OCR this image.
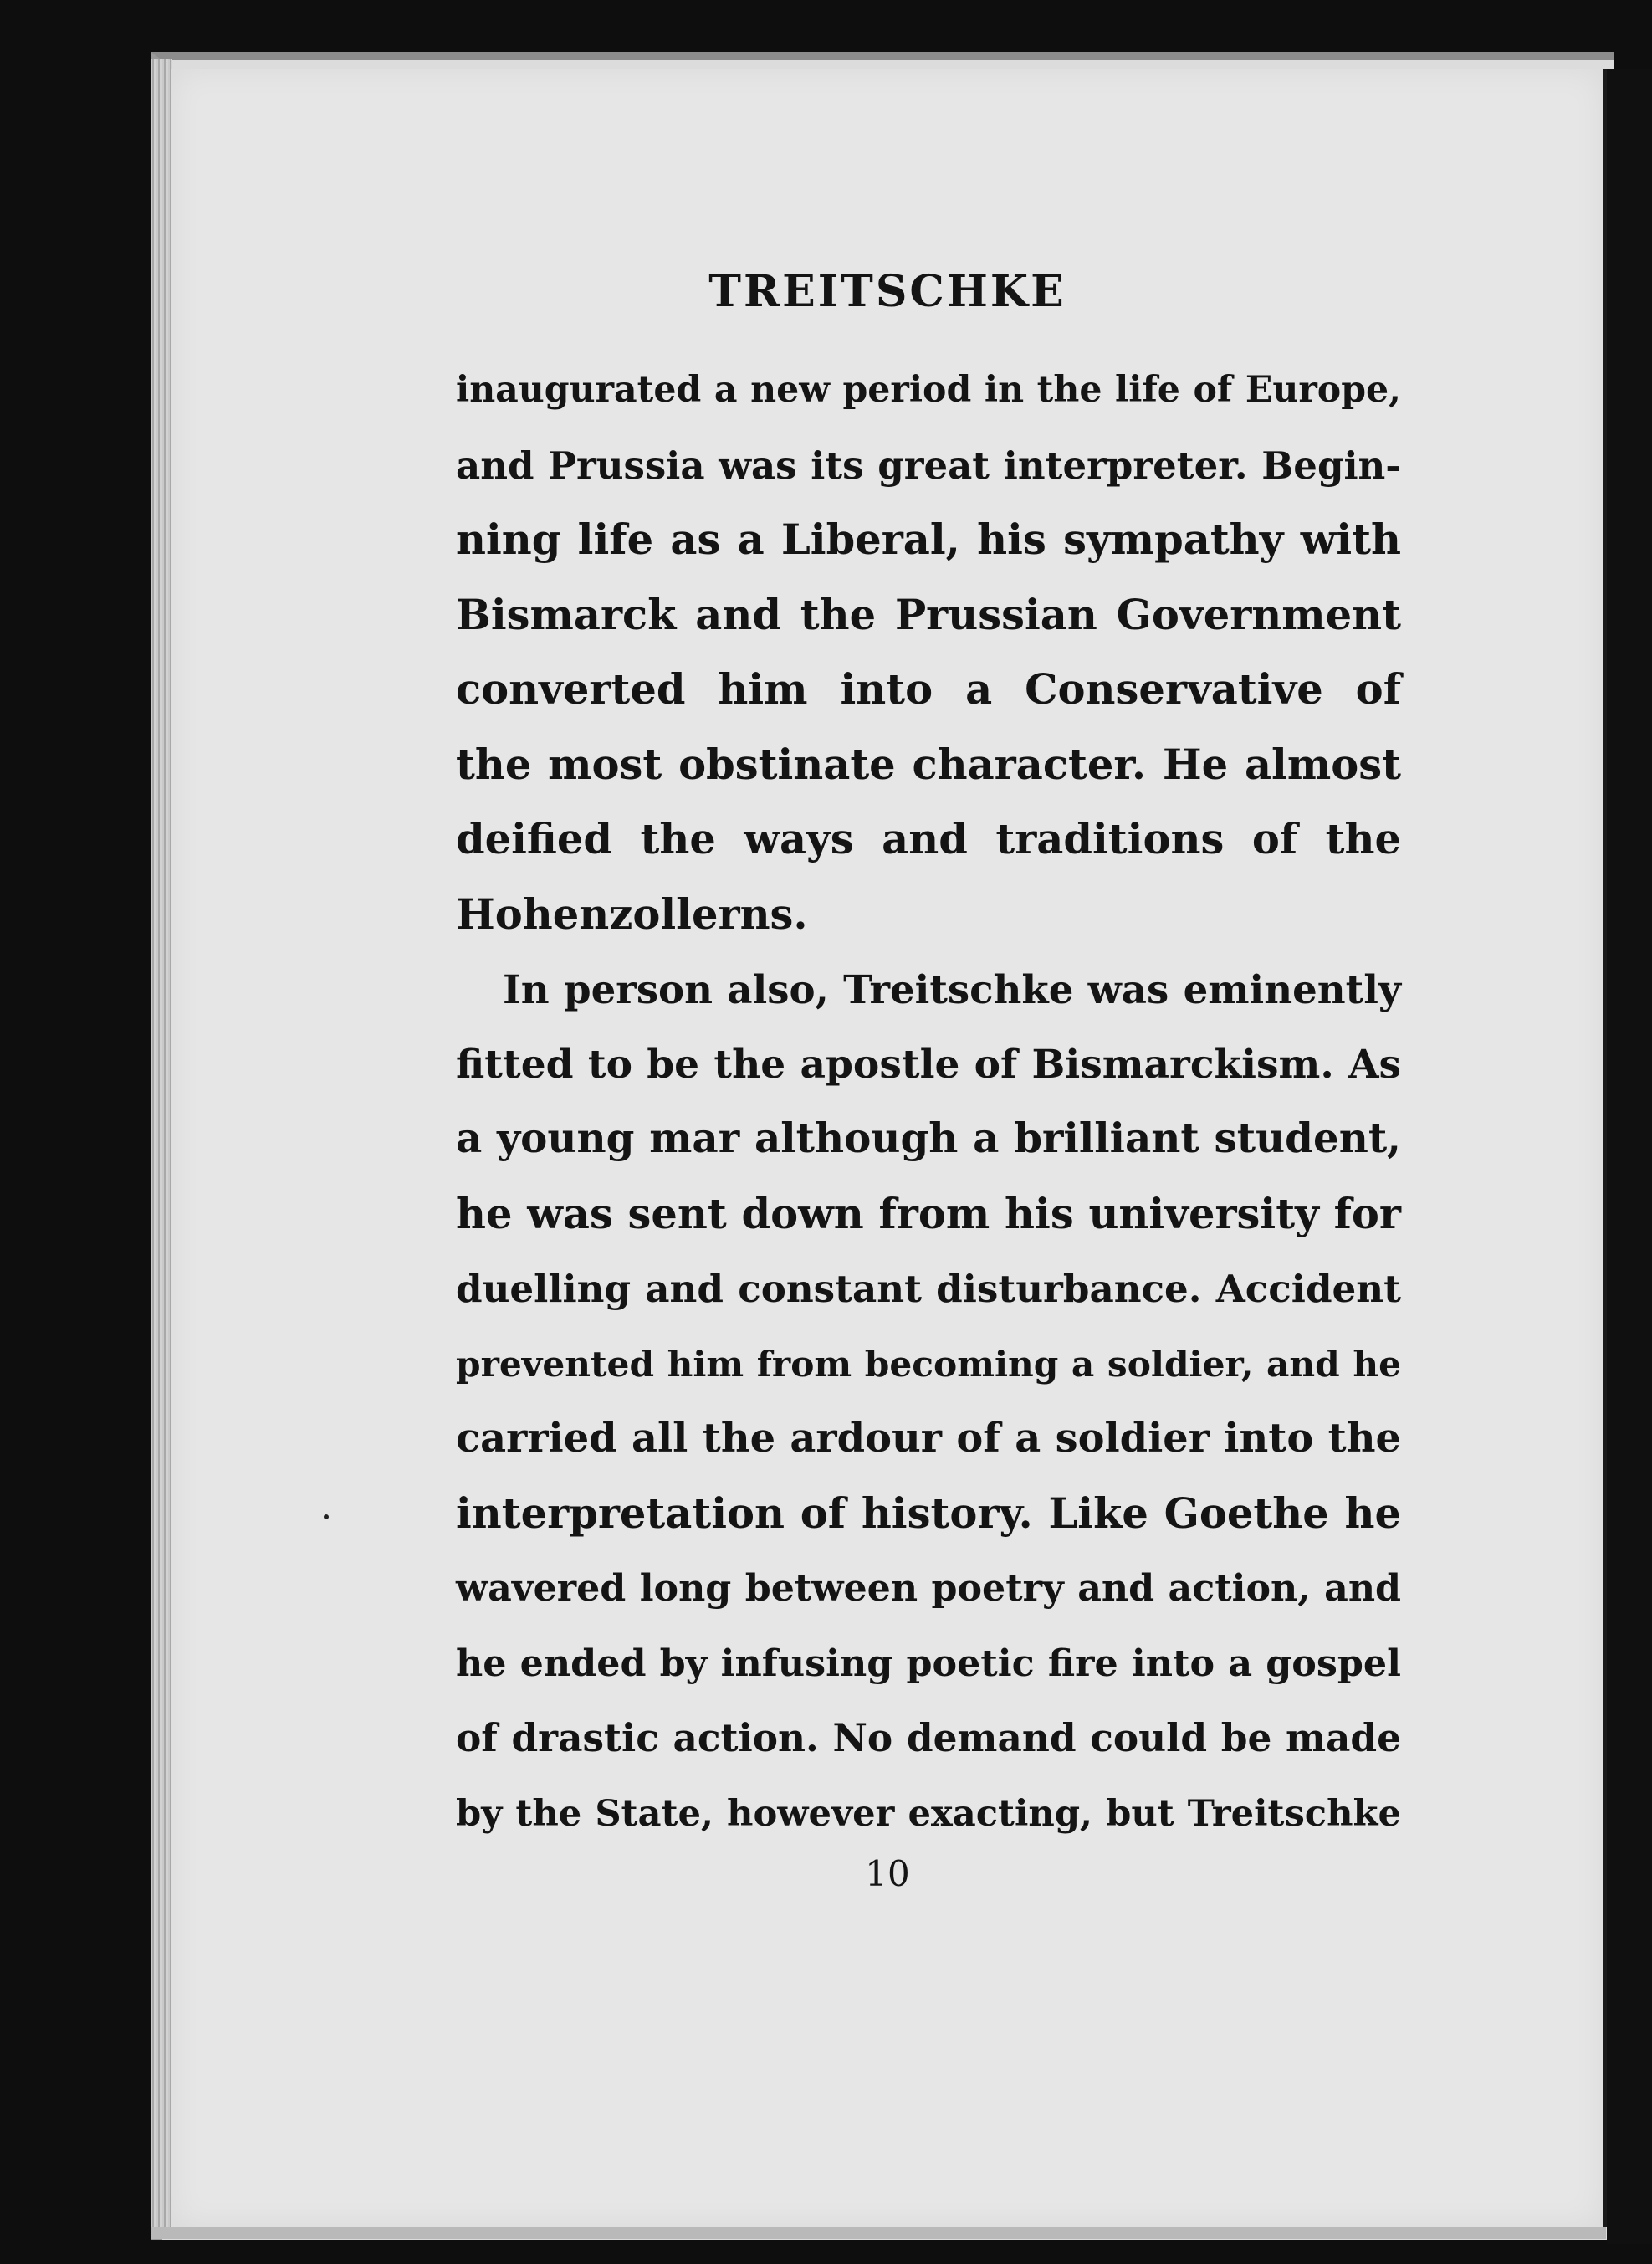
TREITSCHKE
inaugurated a new period in the life of Europe,
and Prussia was its great interpreter. Begin-
ning life as a Liberal, his sympathy with
Bismarck and the Prussian Government
converted him into a Conservative of
the most obstinate character. He almost
deified the ways and traditions of the
Hohenzollerns.
In person also, Treitschke was eminently
fitted to be the apostle of Bismarckism. As
a young mar although a brilliant student,
he was sent down from his university for
duelling and constant disturbance. Accident
prevented him from becoming a soldier, and he
carried all the ardour of a soldier into the
interpretation of history. Like Goethe he
wavered long between poetry and action, and
he ended by infusing poetic fire into a gospel
of drastic action. No demand could be made
by the State, however exacting, but Treitschke
10
